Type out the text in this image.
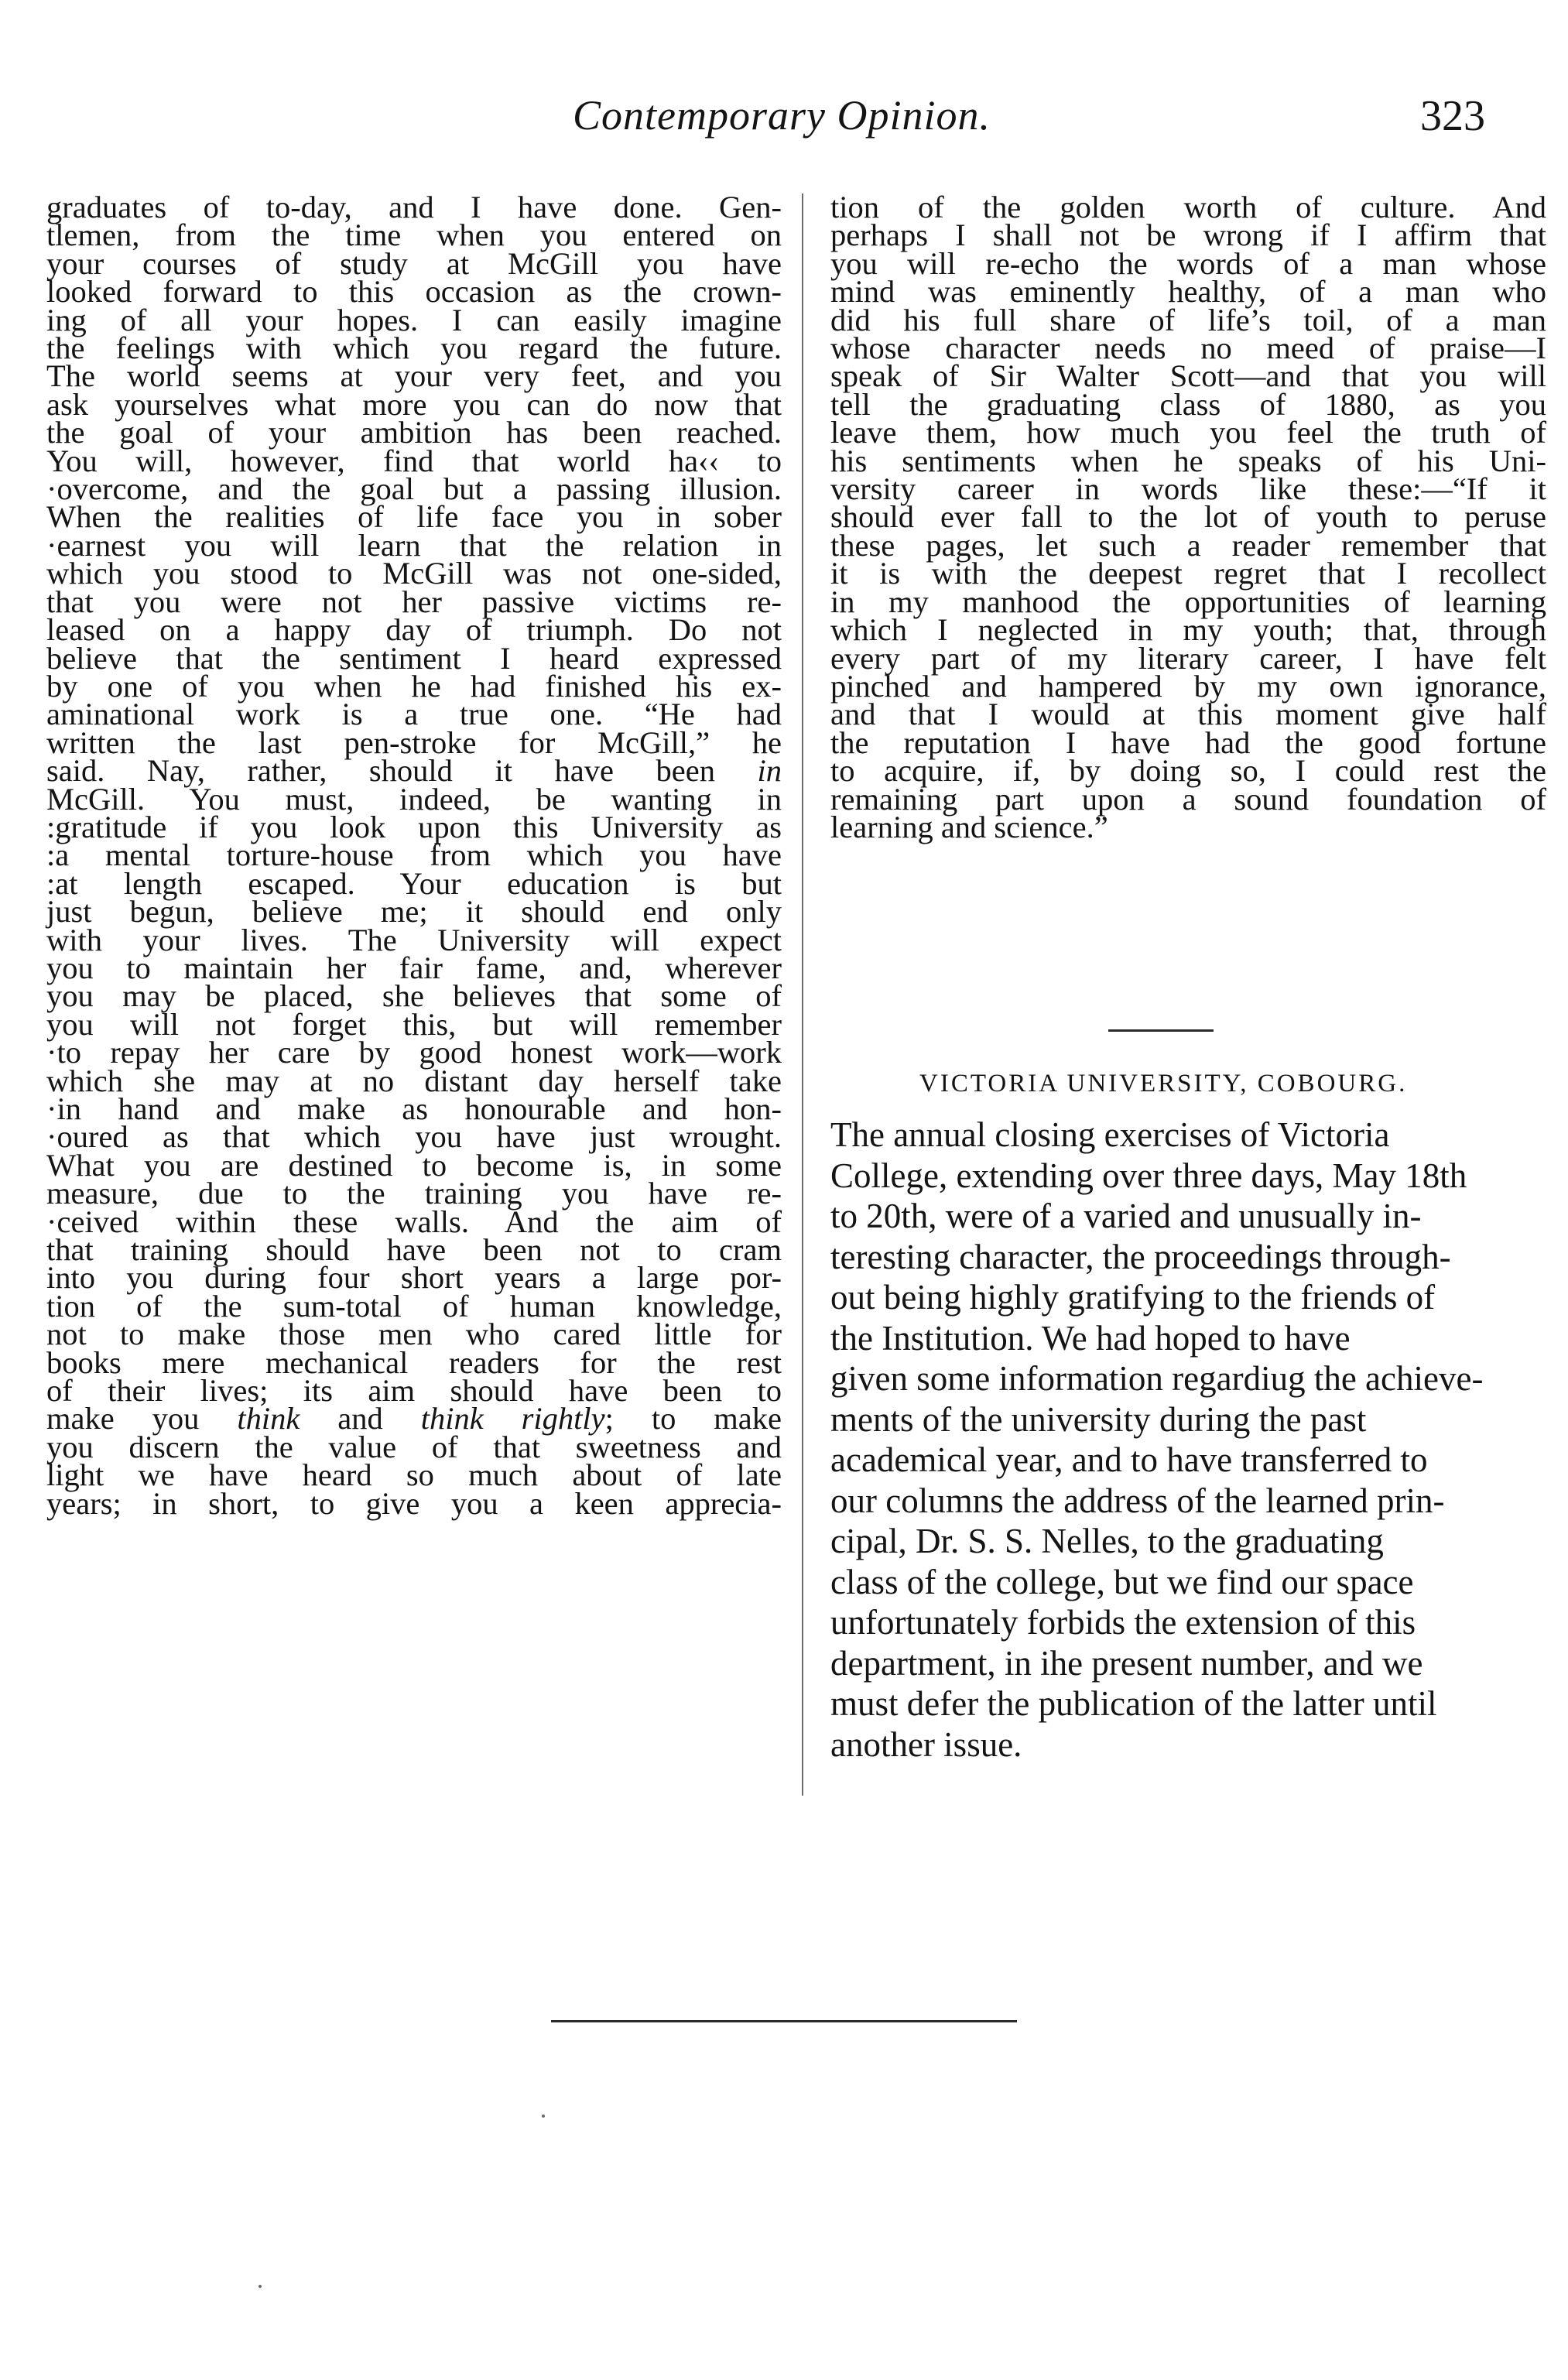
Contemporary Opinion.	323
graduates of to-day, and I have done. Gen-
tlemen, from the time when you entered on
your courses of study at McGill you have
looked forward to this occasion as the crown-
ing of all your hopes. I can easily imagine
the feelings with which you regard the future.
The world seems at your very feet, and you
ask yourselves what more you can do now that
the goal of your ambition has been reached.
You will, however, find that world ha‹‹ to
·overcome, and the goal but a passing illusion.
When the realities of life face you in sober
·earnest you will learn that the relation in
which you stood to McGill was not one-sided,
that you were not her passive victims re-
leased on a happy day of triumph. Do not
believe that the sentiment I heard expressed
by one of you when he had finished his ex-
aminational work is a true one. “He had
written the last pen-stroke for McGill,” he
said. Nay, rather, should it have been in
McGill. You must, indeed, be wanting in
:gratitude if you look upon this University as
:a mental torture-house from which you have
:at length escaped. Your education is but
just begun, believe me; it should end only
with your lives. The University will expect
you to maintain her fair fame, and, wherever
you may be placed, she believes that some of
you will not forget this, but will remember
·to repay her care by good honest work—work
which she may at no distant day herself take
·in hand and make as honourable and hon-
·oured as that which you have just wrought.
What you are destined to become is, in some
measure, due to the training you have re-
·ceived within these walls. And the aim of
that training should have been not to cram
into you during four short years a large por-
tion of the sum-total of human knowledge,
not to make those men who cared little for
books mere mechanical readers for the rest
of their lives; its aim should have been to
make you think and think rightly; to make
you discern the value of that sweetness and
light we have heard so much about of late
years; in short, to give you a keen apprecia-
tion of the golden worth of culture. And
perhaps I shall not be wrong if I affirm that
you will re-echo the words of a man whose
mind was eminently healthy, of a man who
did his full share of life’s toil, of a man
whose character needs no meed of praise—I
speak of Sir Walter Scott—and that you will
tell the graduating class of 1880, as you
leave them, how much you feel the truth of
his sentiments when he speaks of his Uni-
versity career in words like these:—“If it
should ever fall to the lot of youth to peruse
these pages, let such a reader remember that
it is with the deepest regret that I recollect
in my manhood the opportunities of learning
which I neglected in my youth; that, through
every part of my literary career, I have felt
pinched and hampered by my own ignorance,
and that I would at this moment give half
the reputation I have had the good fortune
to acquire, if, by doing so, I could rest the
remaining part upon a sound foundation of
learning and science.”
VICTORIA UNIVERSITY, COBOURG.
The annual closing exercises of Victoria
College, extending over three days, May 18th
to 20th, were of a varied and unusually in-
teresting character, the proceedings through-
out being highly gratifying to the friends of
the Institution. We had hoped to have
given some information regardiug the achieve-
ments of the university during the past
academical year, and to have transferred to
our columns the address of the learned prin-
cipal, Dr. S. S. Nelles, to the graduating
class of the college, but we find our space
unfortunately forbids the extension of this
department, in ihe present number, and we
must defer the publication of the latter until
another issue.
